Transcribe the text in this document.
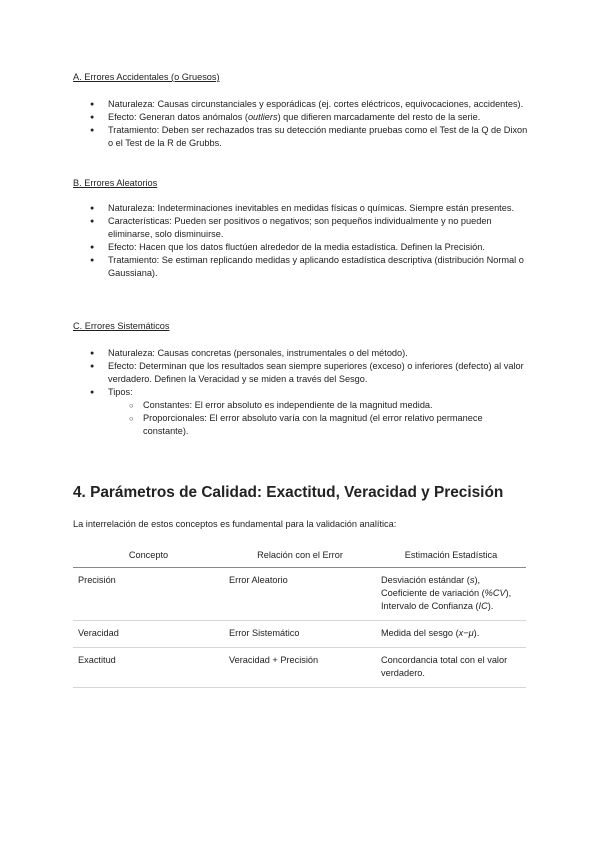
A. Errores Accidentales (o Gruesos)
● Naturaleza: Causas circunstanciales y esporádicas (ej. cortes eléctricos, equivocaciones, accidentes).
● Efecto: Generan datos anómalos (outliers) que difieren marcadamente del resto de la serie.
● Tratamiento: Deben ser rechazados tras su detección mediante pruebas como el Test de la Q de Dixon o el Test de la R de Grubbs.
B. Errores Aleatorios
● Naturaleza: Indeterminaciones inevitables en medidas físicas o químicas. Siempre están presentes.
● Características: Pueden ser positivos o negativos; son pequeños individualmente y no pueden eliminarse, solo disminuirse.
● Efecto: Hacen que los datos fluctúen alrededor de la media estadística. Definen la Precisión.
● Tratamiento: Se estiman replicando medidas y aplicando estadística descriptiva (distribución Normal o Gaussiana).
C. Errores Sistemáticos
● Naturaleza: Causas concretas (personales, instrumentales o del método).
● Efecto: Determinan que los resultados sean siempre superiores (exceso) o inferiores (defecto) al valor verdadero. Definen la Veracidad y se miden a través del Sesgo.
● Tipos:
○ Constantes: El error absoluto es independiente de la magnitud medida.
○ Proporcionales: El error absoluto varía con la magnitud (el error relativo permanece constante).
4. Parámetros de Calidad: Exactitud, Veracidad y Precisión
La interrelación de estos conceptos es fundamental para la validación analítica:
Concepto	Relación con el Error	Estimación Estadística
Precisión	Error Aleatorio	Desviación estándar (s), Coeficiente de variación (%CV), Intervalo de Confianza (IC).
Veracidad	Error Sistemático	Medida del sesgo (x−μ).
Exactitud	Veracidad + Precisión	Concordancia total con el valor verdadero.
